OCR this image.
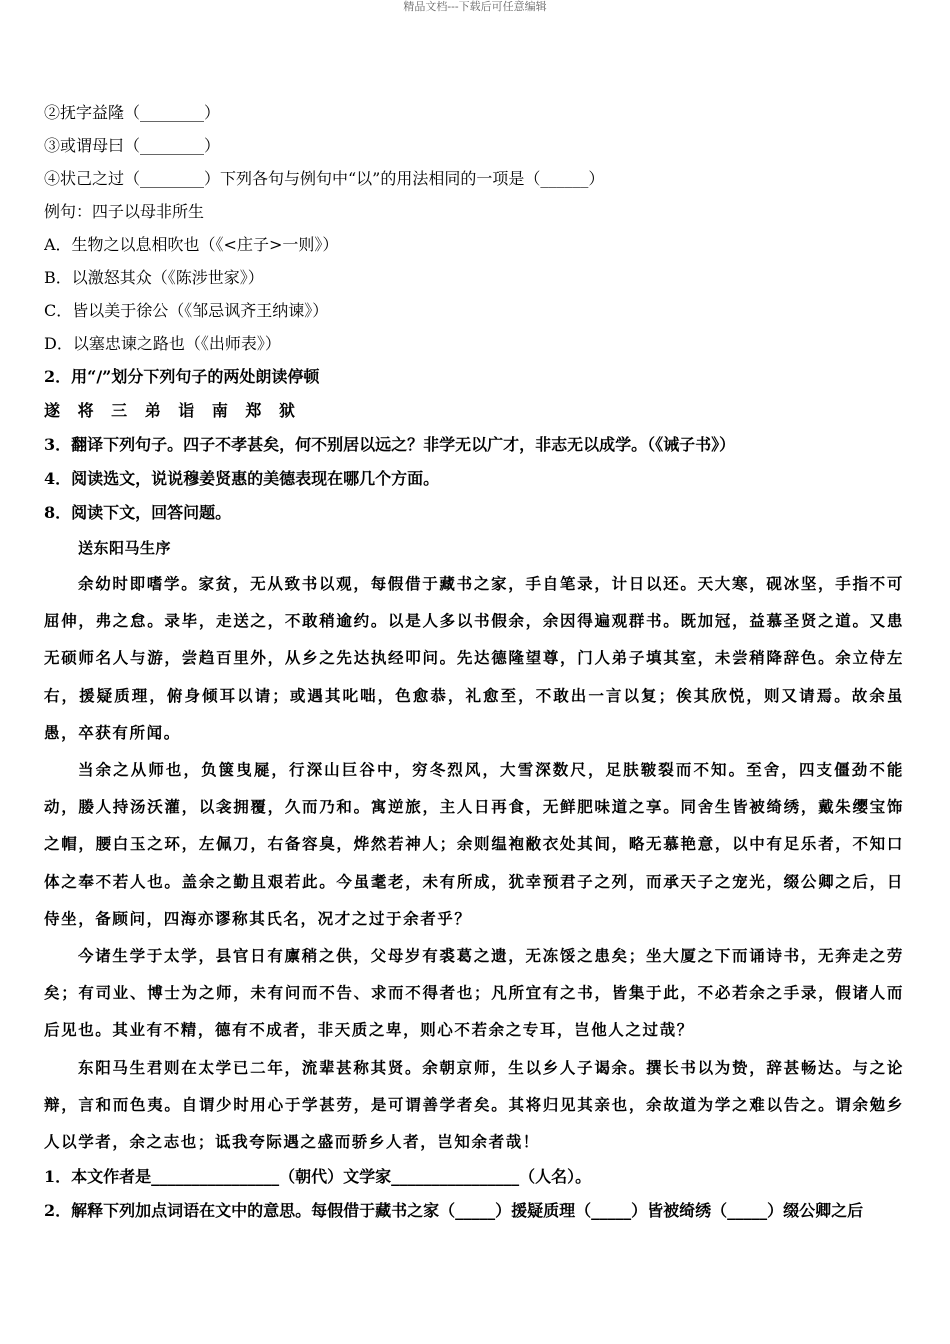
精品文档---下载后可任意编辑
②抚字益隆（________）
③或谓母曰（________）
④状己之过（________）下列各句与例句中“以”的用法相同的一项是（______）
例句：四子以母非所生
A．生物之以息相吹也（《<庄子>一则》）
B．以激怒其众（《陈涉世家》）
C．皆以美于徐公（《邹忌讽齐王纳谏》）
D．以塞忠谏之路也（《出师表》）
2．用“/”划分下列句子的两处朗读停顿
遂 将 三 弟 诣 南 郑 狱
3．翻译下列句子。四子不孝甚矣，何不别居以远之？非学无以广才，非志无以成学。（《诫子书》）
4．阅读选文，说说穆姜贤惠的美德表现在哪几个方面。
8．阅读下文，回答问题。
送东阳马生序

余幼时即嗜学。家贫，无从致书以观，每假借于藏书之家，手自笔录，计日以还。天大寒，砚冰坚，手指不可屈伸，弗之怠。录毕，走送之，不敢稍逾约。以是人多以书假余，余因得遍观群书。既加冠，益慕圣贤之道。又患无硕师名人与游，尝趋百里外，从乡之先达执经叩问。先达德隆望尊，门人弟子填其室，未尝稍降辞色。余立侍左右，援疑质理，俯身倾耳以请；或遇其叱咄，色愈恭，礼愈至，不敢出一言以复；俟其欣悦，则又请焉。故余虽愚，卒获有所闻。

当余之从师也，负箧曳屣，行深山巨谷中，穷冬烈风，大雪深数尺，足肤皲裂而不知。至舍，四支僵劲不能动，媵人持汤沃灌，以衾拥覆，久而乃和。寓逆旅，主人日再食，无鲜肥味道之享。同舍生皆被绮绣，戴朱缨宝饰之帽，腰白玉之环，左佩刀，右备容臭，烨然若神人；余则缊袍敝衣处其间，略无慕艳意，以中有足乐者，不知口体之奉不若人也。盖余之勤且艰若此。今虽耄老，未有所成，犹幸预君子之列，而承天子之宠光，缀公卿之后，日侍坐，备顾问，四海亦谬称其氏名，况才之过于余者乎？

今诸生学于太学，县官日有廪稍之供，父母岁有裘葛之遗，无冻馁之患矣；坐大厦之下而诵诗书，无奔走之劳矣；有司业、博士为之师，未有问而不告、求而不得者也；凡所宜有之书，皆集于此，不必若余之手录，假诸人而后见也。其业有不精，德有不成者，非天质之卑，则心不若余之专耳，岂他人之过哉？

东阳马生君则在太学已二年，流辈甚称其贤。余朝京师，生以乡人子谒余。撰长书以为贽，辞甚畅达。与之论辩，言和而色夷。自谓少时用心于学甚劳，是可谓善学者矣。其将归见其亲也，余故道为学之难以告之。谓余勉乡人以学者，余之志也；诋我夸际遇之盛而骄乡人者，岂知余者哉！

1．本文作者是________________（朝代）文学家________________（人名）。
2．解释下列加点词语在文中的意思。每假借于藏书之家（_____）援疑质理（_____）皆被绮绣（_____）缀公卿之后
